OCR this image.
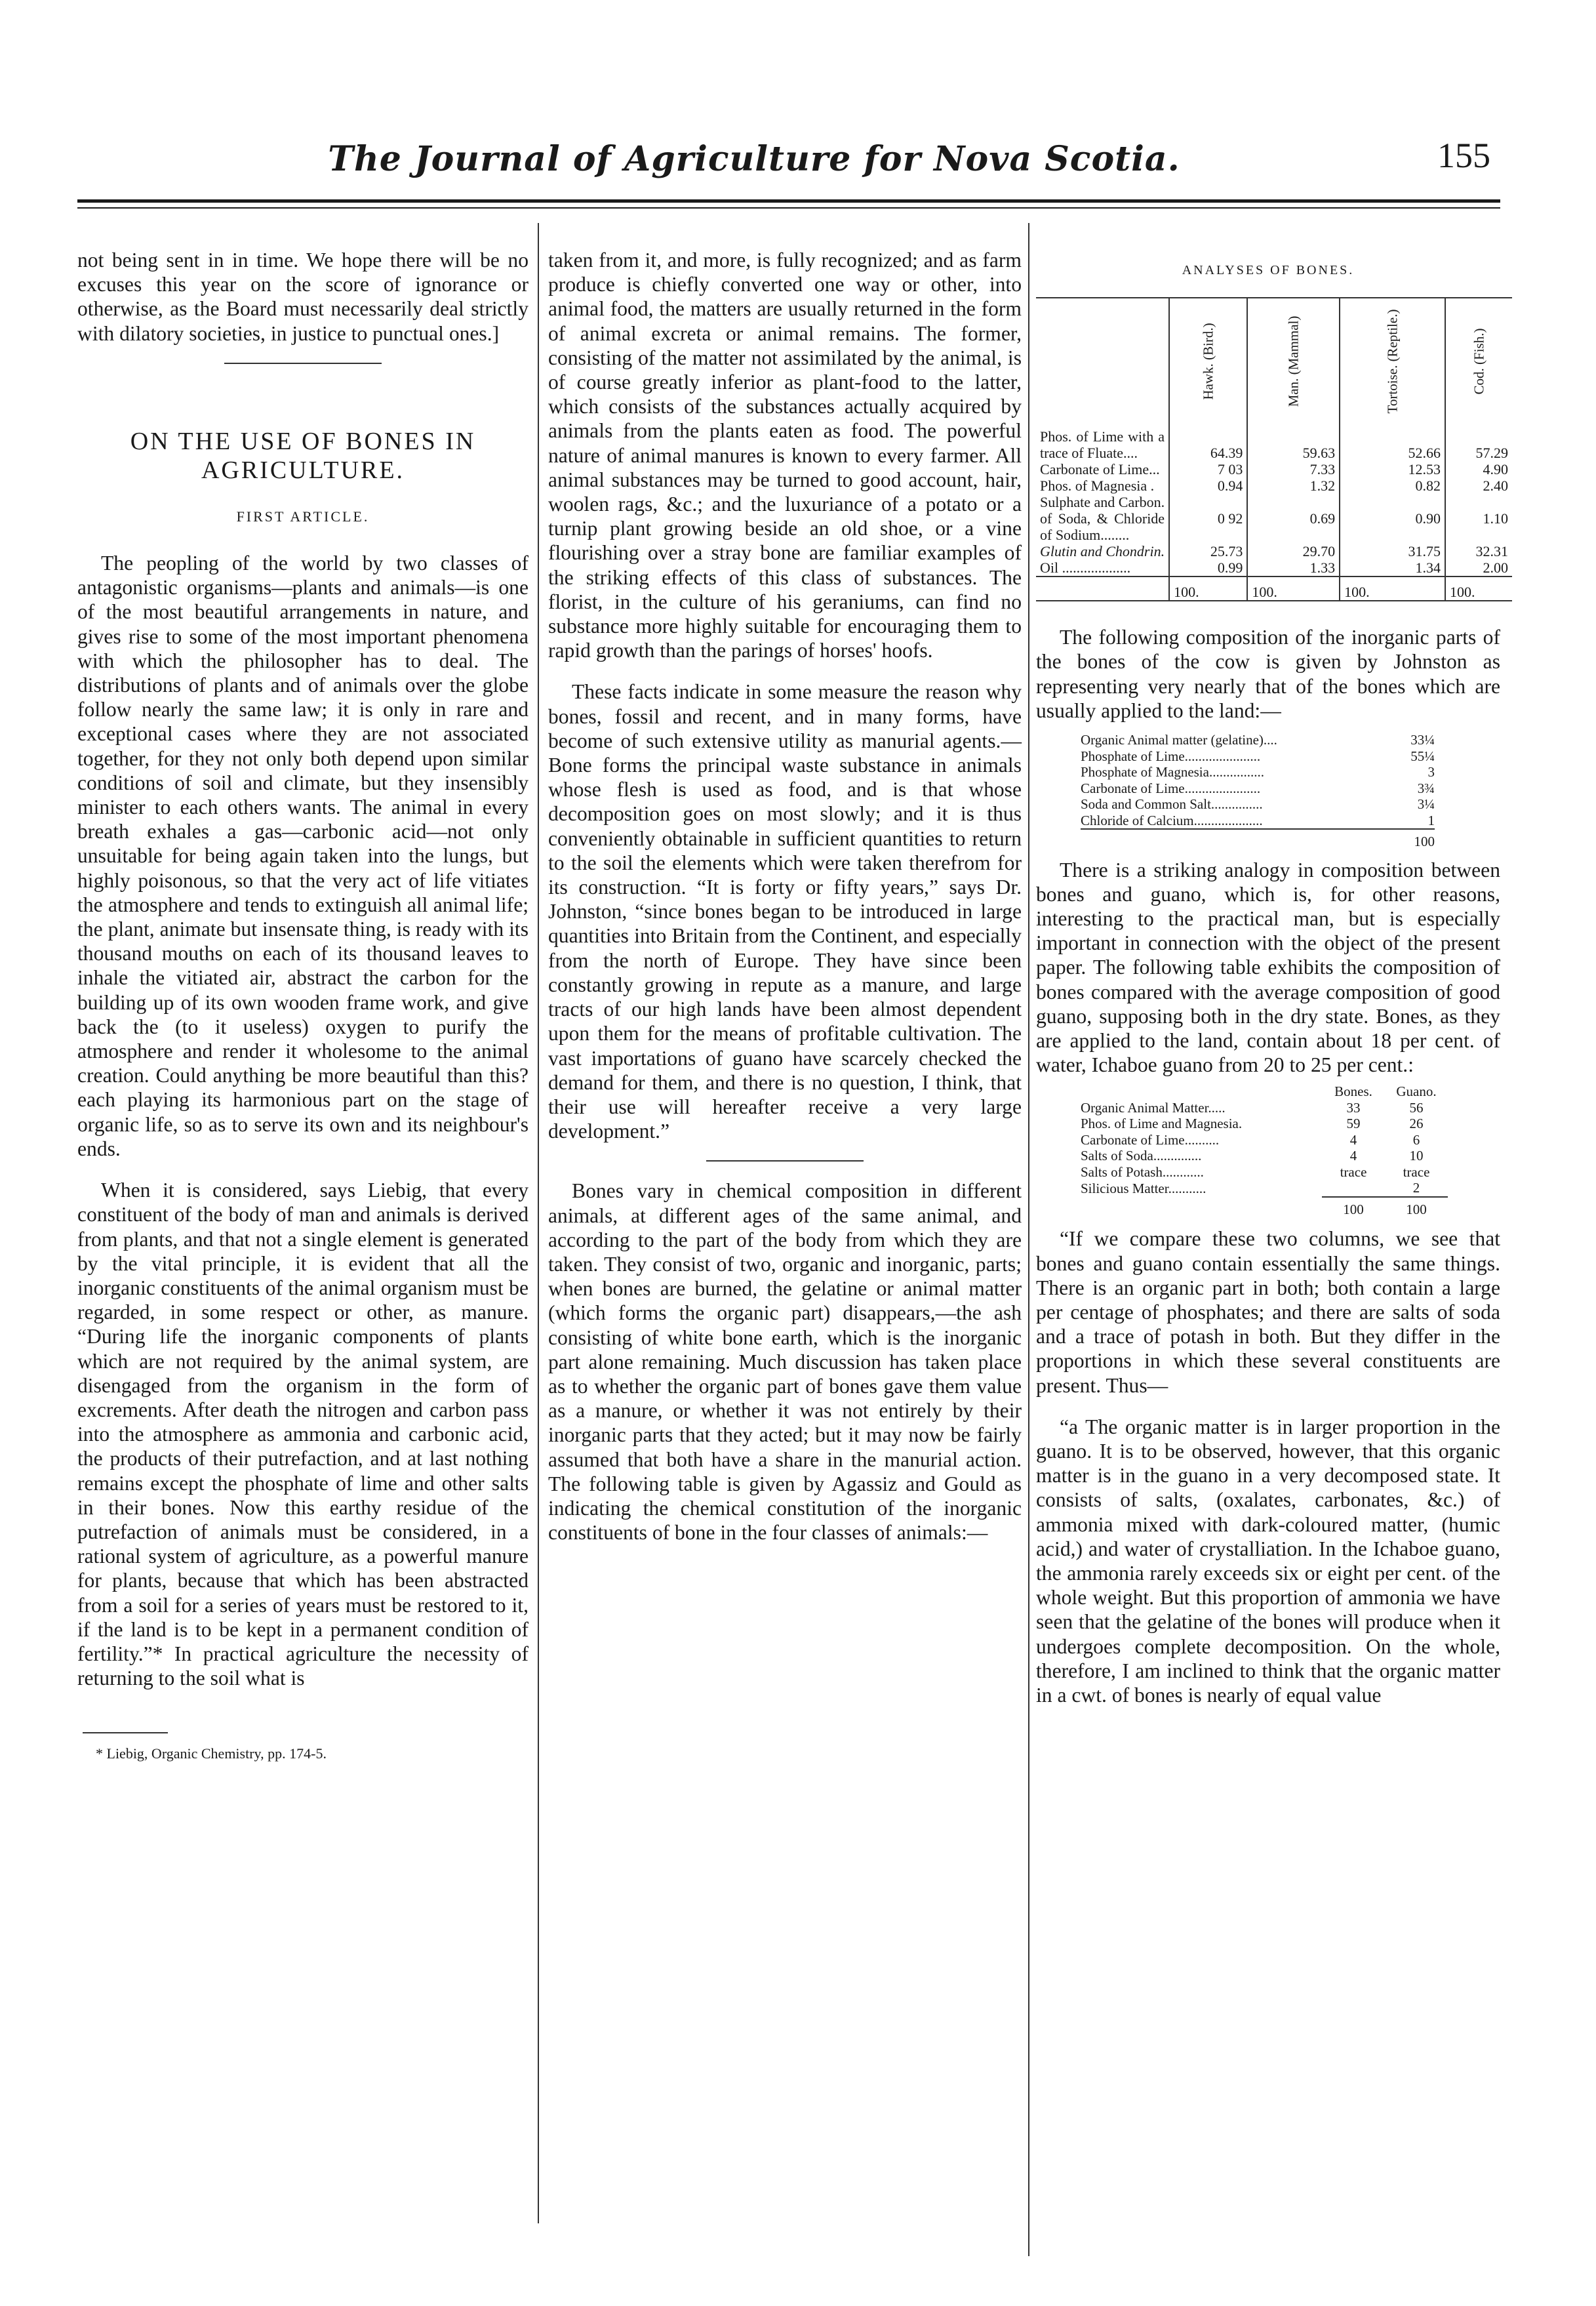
The Journal of Agriculture for Nova Scotia.	155

not being sent in in time. We hope there will be no excuses this year on the score of ignorance or otherwise, as the Board must necessarily deal strictly with dilatory societies, in justice to punctual ones.]

ON THE USE OF BONES IN AGRICULTURE.
FIRST ARTICLE.

The peopling of the world by two classes of antagonistic organisms—plants and animals—is one of the most beautiful arrangements in nature, and gives rise to some of the most important phenomena with which the philosopher has to deal. The distributions of plants and of animals over the globe follow nearly the same law; it is only in rare and exceptional cases where they are not associated together, for they not only both depend upon similar conditions of soil and climate, but they insensibly minister to each others wants. The animal in every breath exhales a gas—carbonic acid—not only unsuitable for being again taken into the lungs, but highly poisonous, so that the very act of life vitiates the atmosphere and tends to extinguish all animal life; the plant, animate but insensate thing, is ready with its thousand mouths on each of its thousand leaves to inhale the vitiated air, abstract the carbon for the building up of its own wooden frame work, and give back the (to it useless) oxygen to purify the atmosphere and render it wholesome to the animal creation. Could anything be more beautiful than this? each playing its harmonious part on the stage of organic life, so as to serve its own and its neighbour's ends.

When it is considered, says Liebig, that every constituent of the body of man and animals is derived from plants, and that not a single element is generated by the vital principle, it is evident that all the inorganic constituents of the animal organism must be regarded, in some respect or other, as manure. “During life the inorganic components of plants which are not required by the animal system, are disengaged from the organism in the form of excrements. After death the nitrogen and carbon pass into the atmosphere as ammonia and carbonic acid, the products of their putrefaction, and at last nothing remains except the phosphate of lime and other salts in their bones. Now this earthy residue of the putrefaction of animals must be considered, in a rational system of agriculture, as a powerful manure for plants, because that which has been abstracted from a soil for a series of years must be restored to it, if the land is to be kept in a permanent condition of fertility.”* In practical agriculture the necessity of returning to the soil what is

* Liebig, Organic Chemistry, pp. 174-5.

taken from it, and more, is fully recognized; and as farm produce is chiefly converted one way or other, into animal food, the matters are usually returned in the form of animal excreta or animal remains. The former, consisting of the matter not assimilated by the animal, is of course greatly inferior as plant-food to the latter, which consists of the substances actually acquired by animals from the plants eaten as food. The powerful nature of animal manures is known to every farmer. All animal substances may be turned to good account, hair, woolen rags, &c.; and the luxuriance of a potato or a turnip plant growing beside an old shoe, or a vine flourishing over a stray bone are familiar examples of the striking effects of this class of substances. The florist, in the culture of his geraniums, can find no substance more highly suitable for encouraging them to rapid growth than the parings of horses' hoofs.

These facts indicate in some measure the reason why bones, fossil and recent, and in many forms, have become of such extensive utility as manurial agents.—Bone forms the principal waste substance in animals whose flesh is used as food, and is that whose decomposition goes on most slowly; and it is thus conveniently obtainable in sufficient quantities to return to the soil the elements which were taken therefrom for its construction. “It is forty or fifty years,” says Dr. Johnston, “since bones began to be introduced in large quantities into Britain from the Continent, and especially from the north of Europe. They have since been constantly growing in repute as a manure, and large tracts of our high lands have been almost dependent upon them for the means of profitable cultivation. The vast importations of guano have scarcely checked the demand for them, and there is no question, I think, that their use will hereafter receive a very large development.”

Bones vary in chemical composition in different animals, at different ages of the same animal, and according to the part of the body from which they are taken. They consist of two, organic and inorganic, parts; when bones are burned, the gelatine or animal matter (which forms the organic part) disappears,—the ash consisting of white bone earth, which is the inorganic part alone remaining. Much discussion has taken place as to whether the organic part of bones gave them value as a manure, or whether it was not entirely by their inorganic parts that they acted; but it may now be fairly assumed that both have a share in the manurial action. The following table is given by Agassiz and Gould as indicating the chemical constitution of the inorganic constituents of bone in the four classes of animals:—

ANALYSES OF BONES.
	Hawk. (Bird.)	Man. (Mammal)	Tortoise. (Reptile.)	Cod. (Fish.)
Phos. of Lime with a trace of Fluate....	64.39	59.63	52.66	57.29
Carbonate of Lime...	7 03	7.33	12.53	4.90
Phos. of Magnesia .	0.94	1.32	0.82	2.40
Sulphate and Carbon. of Soda, & Chloride of Sodium........	0 92	0.69	0.90	1.10
Glutin and Chondrin.	25.73	29.70	31.75	32.31
Oil ...................	0.99	1.33	1.34	2.00
	100.	100.	100.	100.

The following composition of the inorganic parts of the bones of the cow is given by Johnston as representing very nearly that of the bones which are usually applied to the land:—

Organic Animal matter (gelatine)....	33¼
Phosphate of Lime......................	55¼
Phosphate of Magnesia................	3
Carbonate of Lime......................	3¾
Soda and Common Salt...............	3¼
Chloride of Calcium....................	1
	100

There is a striking analogy in composition between bones and guano, which is, for other reasons, interesting to the practical man, but is especially important in connection with the object of the present paper. The following table exhibits the composition of bones compared with the average composition of good guano, supposing both in the dry state. Bones, as they are applied to the land, contain about 18 per cent. of water, Ichaboe guano from 20 to 25 per cent.:

	Bones.	Guano.
Organic Animal Matter.....	33	56
Phos. of Lime and Magnesia.	59	26
Carbonate of Lime..........	4	6
Salts of Soda..............	4	10
Salts of Potash............	trace	trace
Silicious Matter...........		2
	100	100

“If we compare these two columns, we see that bones and guano contain essentially the same things. There is an organic part in both; both contain a large per centage of phosphates; and there are salts of soda and a trace of potash in both. But they differ in the proportions in which these several constituents are present. Thus—

“a The organic matter is in larger proportion in the guano. It is to be observed, however, that this organic matter is in the guano in a very decomposed state. It consists of salts, (oxalates, carbonates, &c.) of ammonia mixed with dark-coloured matter, (humic acid,) and water of crystalliation. In the Ichaboe guano, the ammonia rarely exceeds six or eight per cent. of the whole weight. But this proportion of ammonia we have seen that the gelatine of the bones will produce when it undergoes complete decomposition. On the whole, therefore, I am inclined to think that the organic matter in a cwt. of bones is nearly of equal value
